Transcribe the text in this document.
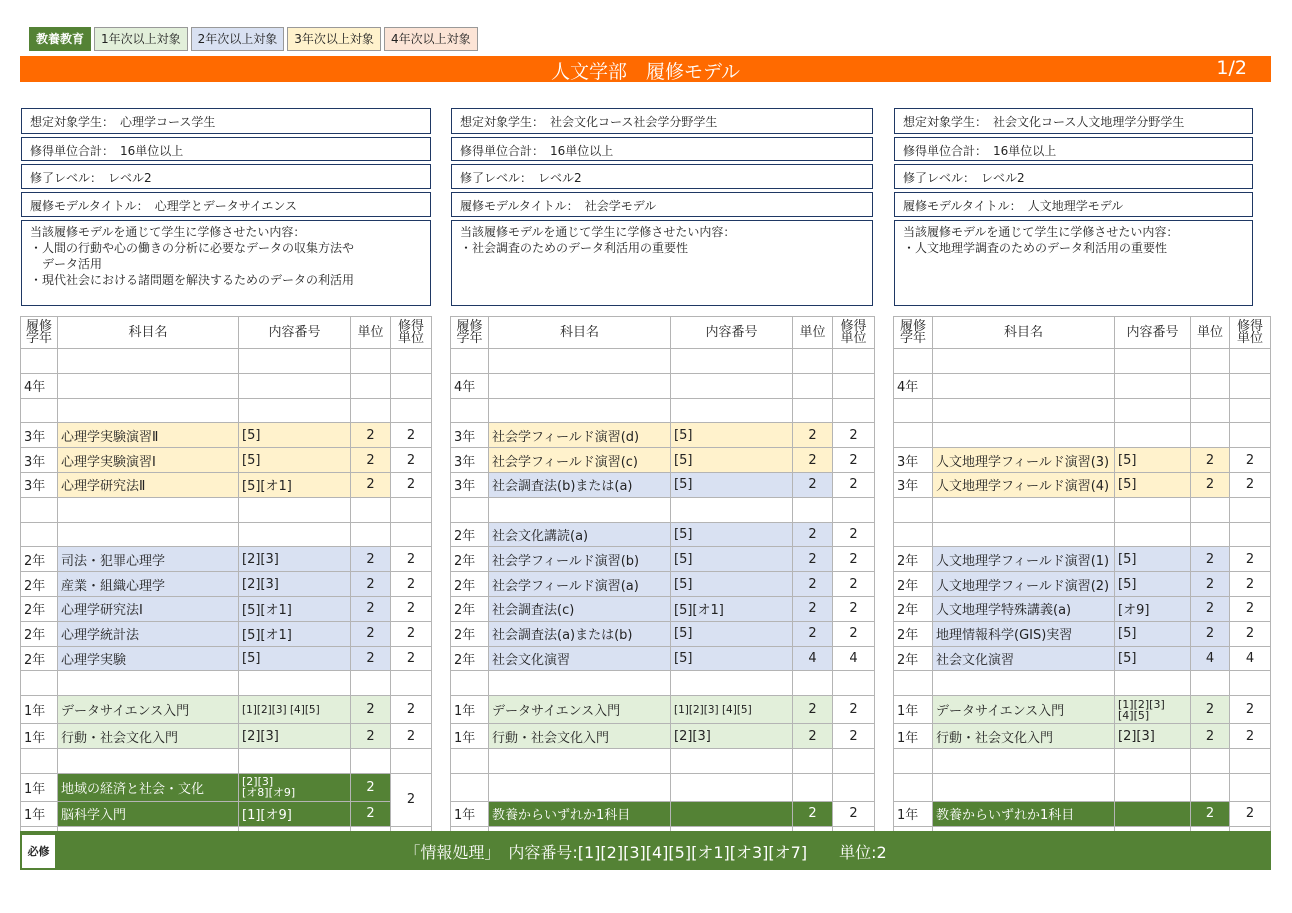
教養教育	1年次以上対象	2年次以上対象	3年次以上対象	4年次以上対象
人文学部　履修モデル	1/2
想定対象学生：　 心理学コース学生
修得単位合計：　 16単位以上
修了レベル：　 レベル2
履修モデルタイトル：　 心理学とデータサイエンス
当該履修モデルを通じて学生に学修させたい内容：
・人間の行動や心の働きの分析に必要なデータの収集方法や
　データ活用
・現代社会における諸問題を解決するためのデータの利活用
想定対象学生：　 社会文化コース社会学分野学生
修得単位合計：　 16単位以上
修了レベル：　 レベル2
履修モデルタイトル：　 社会学モデル
当該履修モデルを通じて学生に学修させたい内容：
・社会調査のためのデータ利活用の重要性
想定対象学生：　 社会文化コース人文地理学分野学生
修得単位合計：　 16単位以上
修了レベル：　 レベル2
履修モデルタイトル：　 人文地理学モデル
当該履修モデルを通じて学生に学修させたい内容：
・人文地理学調査のためのデータ利活用の重要性
履修学年	科目名	内容番号	単位	修得単位

4年				

3年	心理学実験演習Ⅱ	[5]	2	2
3年	心理学実験演習Ⅰ	[5]	2	2
3年	心理学研究法Ⅱ	[5][オ1]	2	2

2年	司法・犯罪心理学	[2][3]	2	2
2年	産業・組織心理学	[2][3]	2	2
2年	心理学研究法Ⅰ	[5][オ1]	2	2
2年	心理学統計法	[5][オ1]	2	2
2年	心理学実験	[5]	2	2

1年	データサイエンス入門	[1][2][3] [4][5]	2	2
1年	行動・社会文化入門	[2][3]	2	2

1年	地域の経済と社会・文化	[2][3]
[オ8][オ9]	2	2
1年	脳科学入門	[1][オ9]	2	

履修学年	科目名	内容番号	単位	修得単位

4年				

3年	社会学フィールド演習(d)	[5]	2	2
3年	社会学フィールド演習(c)	[5]	2	2
3年	社会調査法(b)または(a)	[5]	2	2

2年	社会文化講読(a)	[5]	2	2
2年	社会学フィールド演習(b)	[5]	2	2
2年	社会学フィールド演習(a)	[5]	2	2
2年	社会調査法(c)	[5][オ1]	2	2
2年	社会調査法(a)または(b)	[5]	2	2
2年	社会文化演習	[5]	4	4

1年	データサイエンス入門	[1][2][3] [4][5]	2	2
1年	行動・社会文化入門	[2][3]	2	2

1年	教養からいずれか1科目		2	2

履修学年	科目名	内容番号	単位	修得単位

4年				

3年	人文地理学フィールド演習(3)	[5]	2	2
3年	人文地理学フィールド演習(4)	[5]	2	2

2年	人文地理学フィールド演習(1)	[5]	2	2
2年	人文地理学フィールド演習(2)	[5]	2	2
2年	人文地理学特殊講義(a)	[オ9]	2	2
2年	地理情報科学(GIS)実習	[5]	2	2
2年	社会文化演習	[5]	4	4

1年	データサイエンス入門	[1][2][3]
[4][5]	2	2
1年	行動・社会文化入門	[2][3]	2	2

1年	教養からいずれか1科目		2	2

必修	「情報処理」　内容番号:[1][2][3][4][5][オ1][オ3][オ7]　　単位:2
